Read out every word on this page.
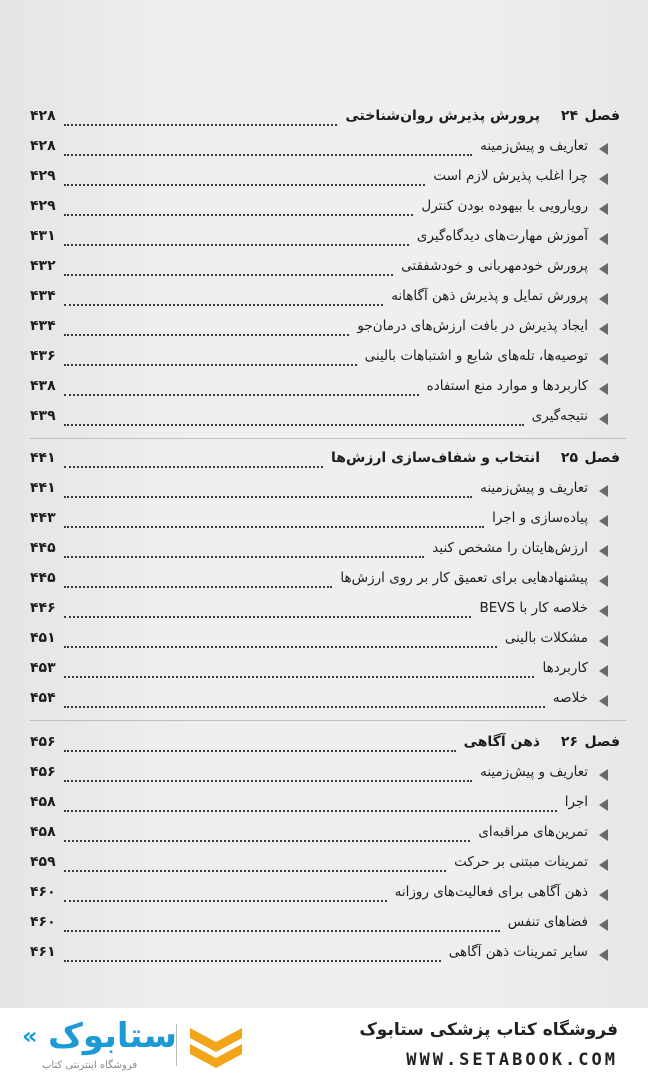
فصل
۲۴
پرورش پذیرش روان‌شناختی
۴۲۸
تعاریف و پیش‌زمینه
۴۲۸
چرا اغلب پذیرش لازم است
۴۲۹
رویارویی با بیهوده بودن کنترل
۴۲۹
آموزش مهارت‌های دیدگاه‌گیری
۴۳۱
پرورش خودمهربانی و خودشفقتی
۴۳۲
پرورش تمایل و پذیرش ذهن آگاهانه
۴۳۴
ایجاد پذیرش در بافت ارزش‌های درمان‌جو
۴۳۴
توصیه‌ها، تله‌های شایع و اشتباهات بالینی
۴۳۶
کاربردها و موارد منع استفاده
۴۳۸
نتیجه‌گیری
۴۳۹
فصل
۲۵
انتخاب و شفاف‌سازی ارزش‌ها
۴۴۱
تعاریف و پیش‌زمینه
۴۴۱
پیاده‌سازی و اجرا
۴۴۳
ارزش‌هایتان را مشخص کنید
۴۴۵
پیشنهادهایی برای تعمیق کار بر روی ارزش‌ها
۴۴۵
خلاصه کار با BEVS
۴۴۶
مشکلات بالینی
۴۵۱
کاربردها
۴۵۳
خلاصه
۴۵۴
فصل
۲۶
ذهن آگاهی
۴۵۶
تعاریف و پیش‌زمینه
۴۵۶
اجرا
۴۵۸
تمرین‌های مراقبه‌ای
۴۵۸
تمرینات مبتنی بر حرکت
۴۵۹
ذهن آگاهی برای فعالیت‌های روزانه
۴۶۰
فضاهای تنفس
۴۶۰
سایر تمرینات ذهن آگاهی
۴۶۱
فروشگاه کتاب پزشکی ستابوک
WWW.SETABOOK.COM
« ستابوک
فروشگاه اینترنتی کتاب
